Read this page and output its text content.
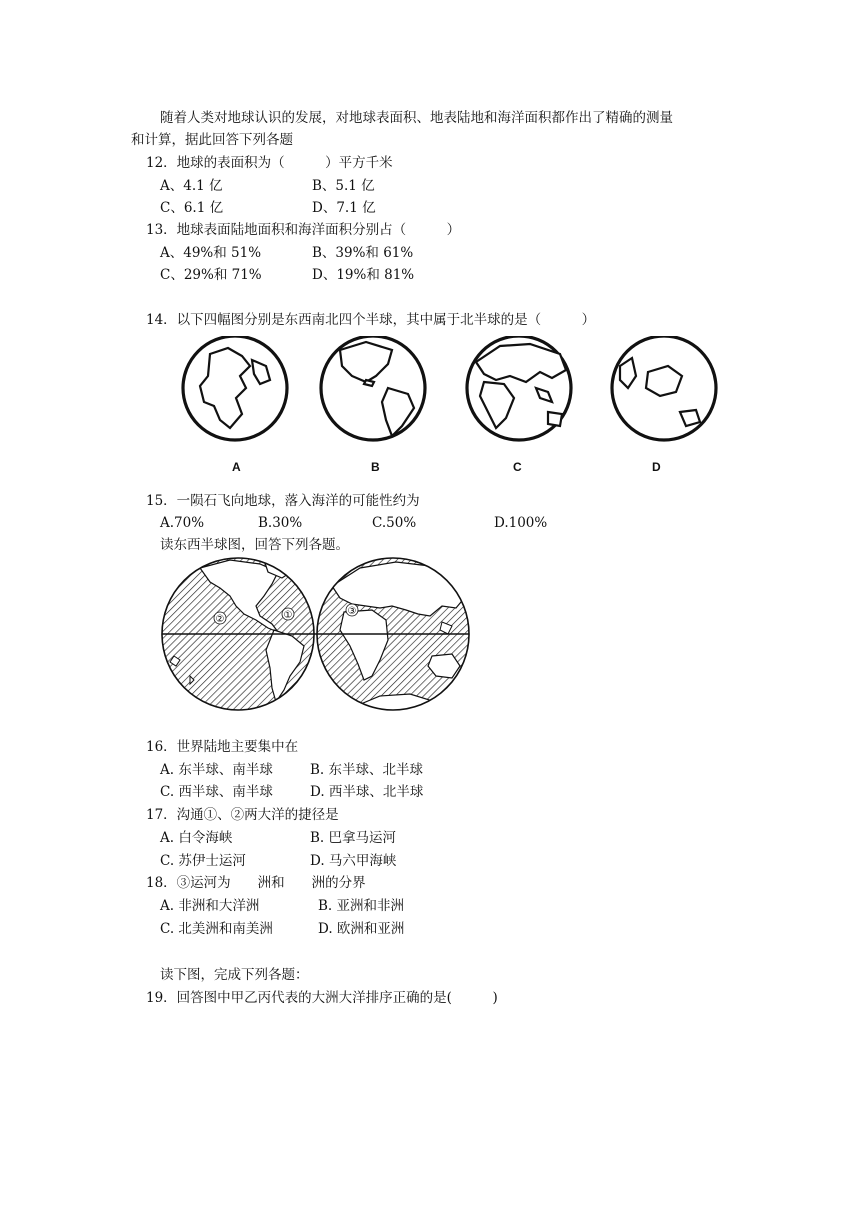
随着人类对地球认识的发展，对地球表面积、地表陆地和海洋面积都作出了精确的测量
和计算，据此回答下列各题
12．地球的表面积为（　　　）平方千米
A、4.1 亿	B、5.1 亿
C、6.1 亿	D、7.1 亿
13．地球表面陆地面积和海洋面积分别占（　　　）
A、49%和 51%	B、39%和 61%
C、29%和 71%	D、19%和 81%
14．以下四幅图分别是东西南北四个半球，其中属于北半球的是（　　　）
A	B	C	D
15．一陨石飞向地球，落入海洋的可能性约为
A.70%	B.30%	C.50%	D.100%
读东西半球图，回答下列各题。
①
②
③
16．世界陆地主要集中在
A. 东半球、南半球	B. 东半球、北半球
C. 西半球、南半球	D. 西半球、北半球
17．沟通①、②两大洋的捷径是
A. 白令海峡	B. 巴拿马运河
C. 苏伊士运河	D. 马六甲海峡
18．③运河为　　洲和　　洲的分界
A. 非洲和大洋洲	B. 亚洲和非洲
C. 北美洲和南美洲	D. 欧洲和亚洲
读下图，完成下列各题：
19．回答图中甲乙丙代表的大洲大洋排序正确的是(　　　)
